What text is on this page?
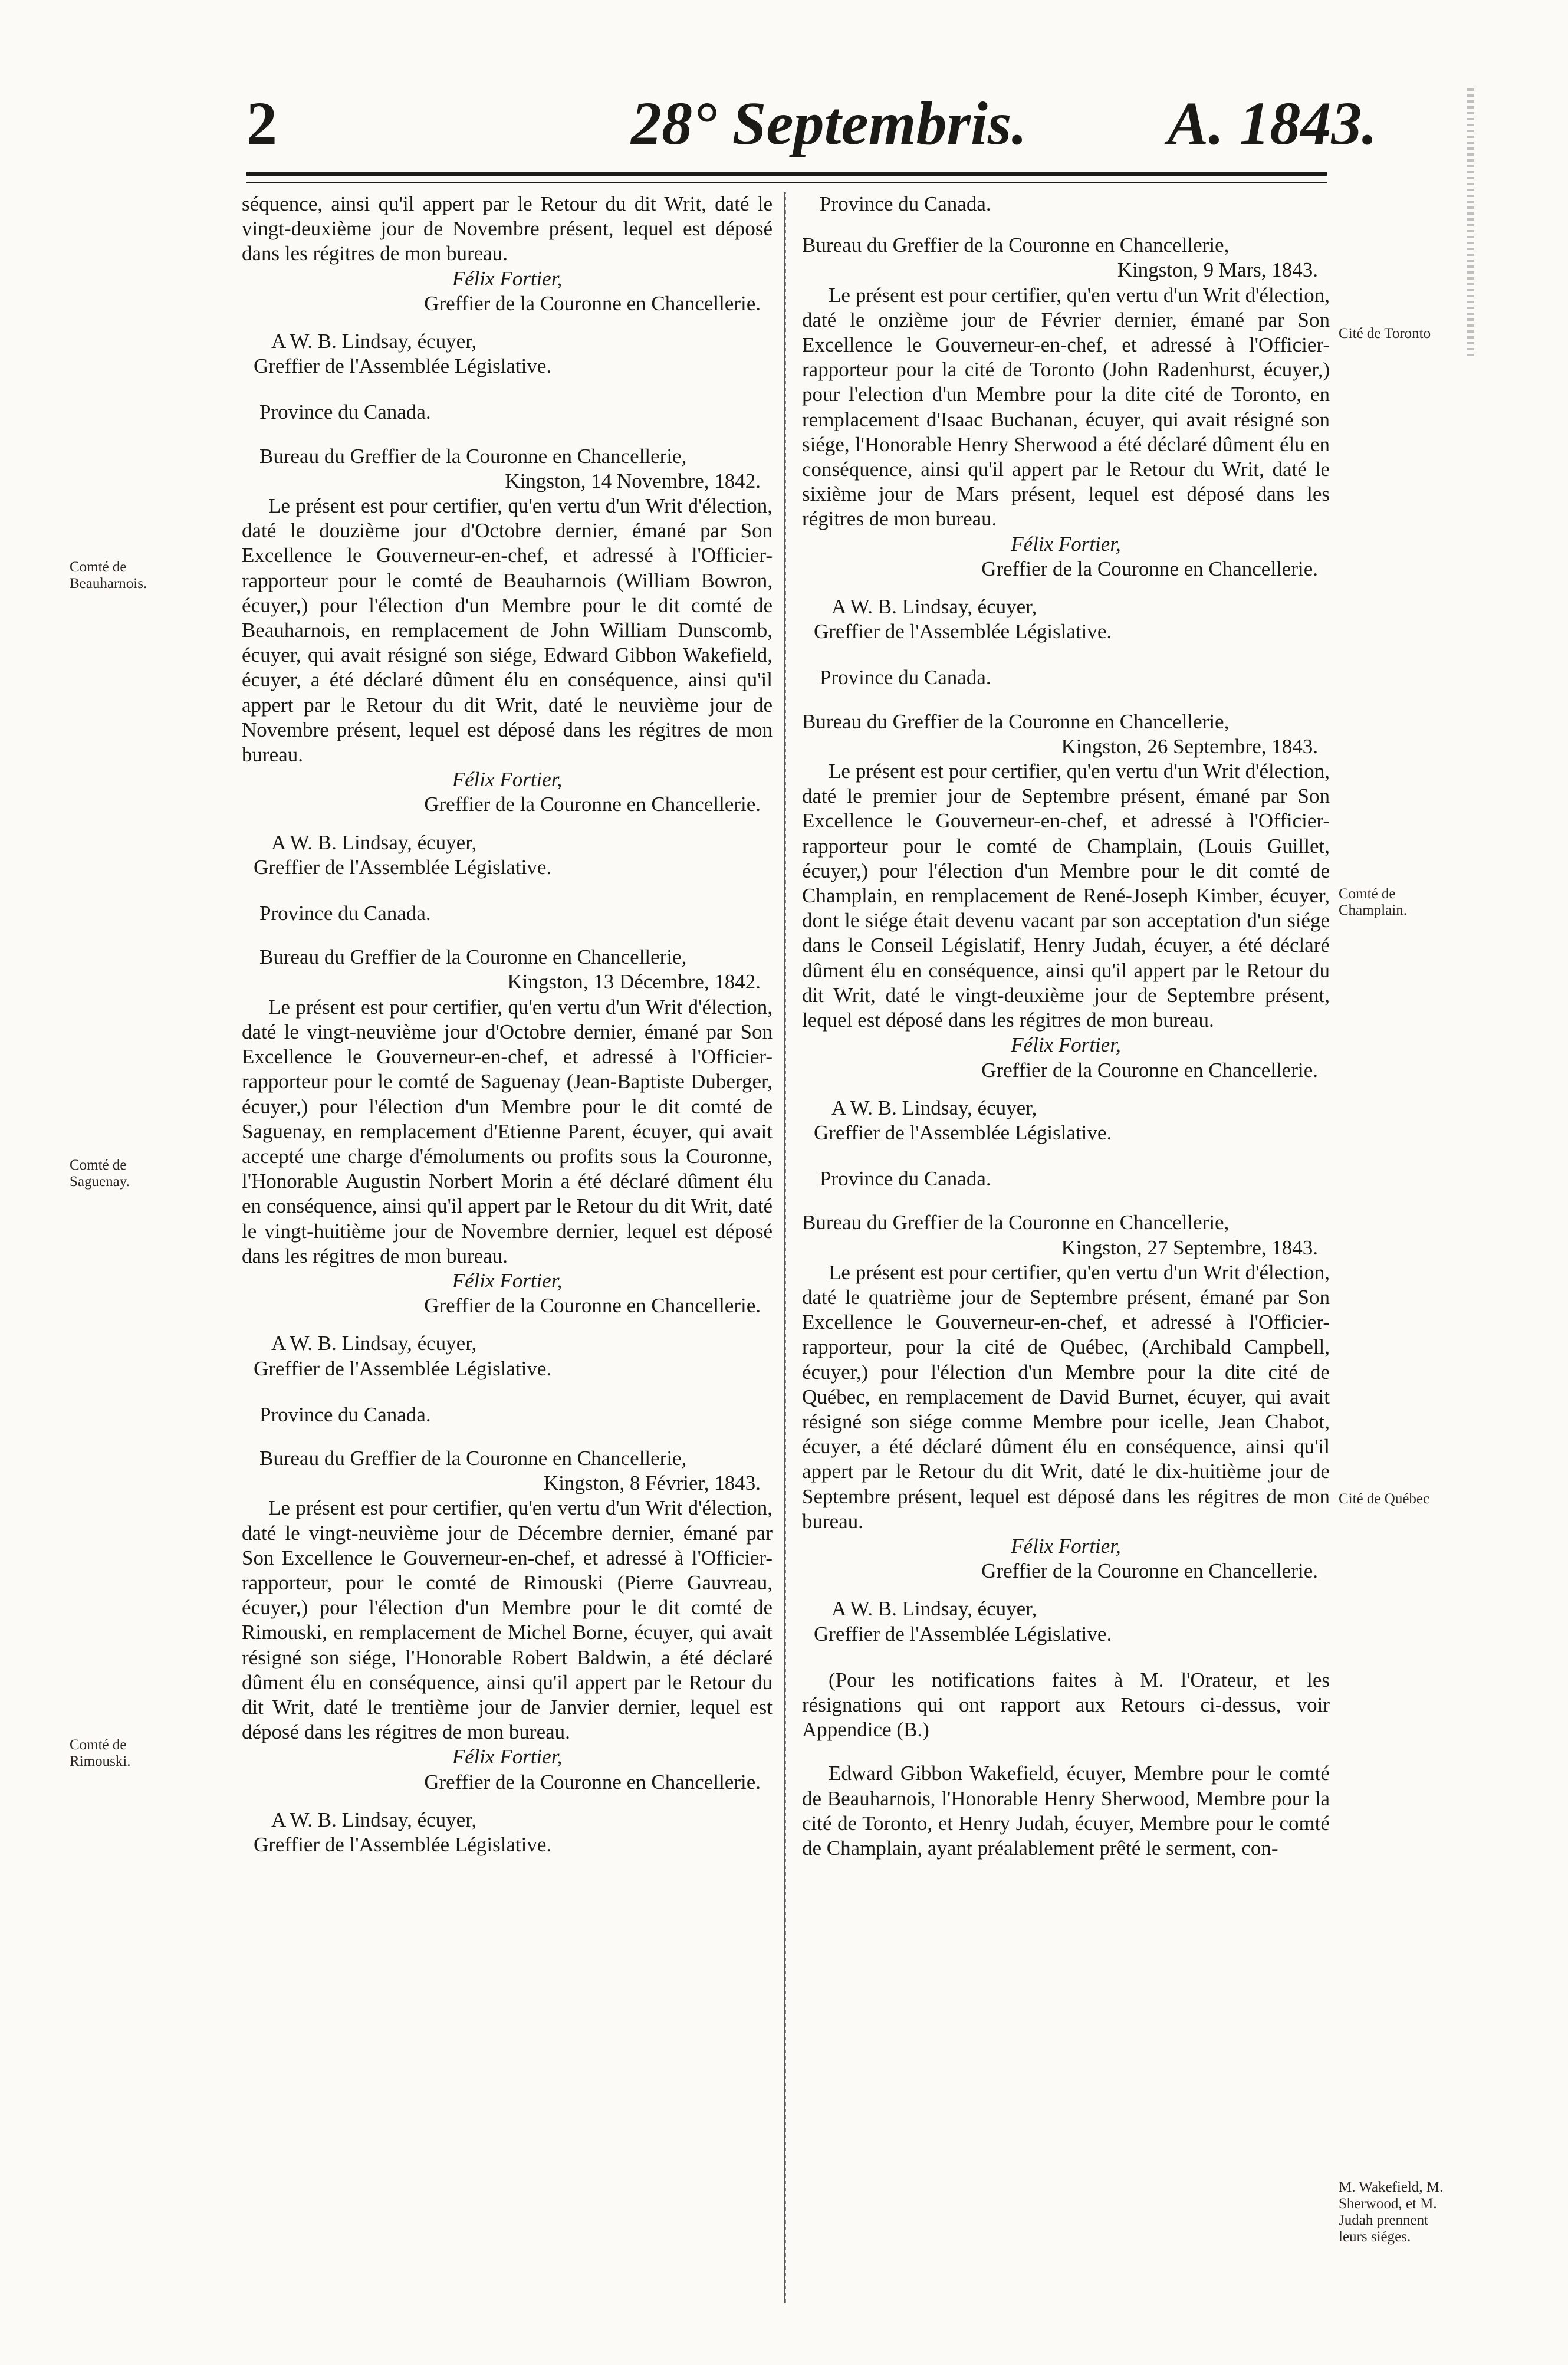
2	28° Septembris. A. 1843.

séquence, ainsi qu'il appert par le Retour du dit Writ, daté le vingt-deuxième jour de Novembre présent, lequel est déposé dans les régitres de mon bureau.

Félix Fortier,

Greffier de la Couronne en Chancellerie.

A W. B. Lindsay, écuyer,

Greffier de l'Assemblée Législative.

Province du Canada.

Bureau du Greffier de la Couronne en Chancellerie,

Kingston, 14 Novembre, 1842.

Le présent est pour certifier, qu'en vertu d'un Writ d'élection, daté le douzième jour d'Octobre dernier, émané par Son Excellence le Gouverneur-en-chef, et adressé à l'Officier-rapporteur pour le comté de Beauharnois (William Bowron, écuyer,) pour l'élection d'un Membre pour le dit comté de Beauharnois, en remplacement de John William Dunscomb, écuyer, qui avait résigné son siége, Edward Gibbon Wakefield, écuyer, a été déclaré dûment élu en conséquence, ainsi qu'il appert par le Retour du dit Writ, daté le neuvième jour de Novembre présent, lequel est déposé dans les régitres de mon bureau.

Félix Fortier,

Greffier de la Couronne en Chancellerie.

A W. B. Lindsay, écuyer,

Greffier de l'Assemblée Législative.

Province du Canada.

Bureau du Greffier de la Couronne en Chancellerie,

Kingston, 13 Décembre, 1842.

Le présent est pour certifier, qu'en vertu d'un Writ d'élection, daté le vingt-neuvième jour d'Octobre dernier, émané par Son Excellence le Gouverneur-en-chef, et adressé à l'Officier-rapporteur pour le comté de Saguenay (Jean-Baptiste Duberger, écuyer,) pour l'élection d'un Membre pour le dit comté de Saguenay, en remplacement d'Etienne Parent, écuyer, qui avait accepté une charge d'émoluments ou profits sous la Couronne, l'Honorable Augustin Norbert Morin a été déclaré dûment élu en conséquence, ainsi qu'il appert par le Retour du dit Writ, daté le vingt-huitième jour de Novembre dernier, lequel est déposé dans les régitres de mon bureau.

Félix Fortier,

Greffier de la Couronne en Chancellerie.

A W. B. Lindsay, écuyer,

Greffier de l'Assemblée Législative.

Province du Canada.

Bureau du Greffier de la Couronne en Chancellerie,

Kingston, 8 Février, 1843.

Le présent est pour certifier, qu'en vertu d'un Writ d'élection, daté le vingt-neuvième jour de Décembre dernier, émané par Son Excellence le Gouverneur-en-chef, et adressé à l'Officier-rapporteur, pour le comté de Rimouski (Pierre Gauvreau, écuyer,) pour l'élection d'un Membre pour le dit comté de Rimouski, en remplacement de Michel Borne, écuyer, qui avait résigné son siége, l'Honorable Robert Baldwin, a été déclaré dûment élu en conséquence, ainsi qu'il appert par le Retour du dit Writ, daté le trentième jour de Janvier dernier, lequel est déposé dans les régitres de mon bureau.

Félix Fortier,

Greffier de la Couronne en Chancellerie.

A W. B. Lindsay, écuyer,

Greffier de l'Assemblée Législative.

Province du Canada.

Bureau du Greffier de la Couronne en Chancellerie,

Kingston, 9 Mars, 1843.

Le présent est pour certifier, qu'en vertu d'un Writ d'élection, daté le onzième jour de Février dernier, émané par Son Excellence le Gouverneur-en-chef, et adressé à l'Officier-rapporteur pour la cité de Toronto (John Radenhurst, écuyer,) pour l'election d'un Membre pour la dite cité de Toronto, en remplacement d'Isaac Buchanan, écuyer, qui avait résigné son siége, l'Honorable Henry Sherwood a été déclaré dûment élu en conséquence, ainsi qu'il appert par le Retour du Writ, daté le sixième jour de Mars présent, lequel est déposé dans les régitres de mon bureau.

Félix Fortier,

Greffier de la Couronne en Chancellerie.

A W. B. Lindsay, écuyer,

Greffier de l'Assemblée Législative.

Province du Canada.

Bureau du Greffier de la Couronne en Chancellerie,

Kingston, 26 Septembre, 1843.

Le présent est pour certifier, qu'en vertu d'un Writ d'élection, daté le premier jour de Septembre présent, émané par Son Excellence le Gouverneur-en-chef, et adressé à l'Officier-rapporteur pour le comté de Champlain, (Louis Guillet, écuyer,) pour l'élection d'un Membre pour le dit comté de Champlain, en remplacement de René-Joseph Kimber, écuyer, dont le siége était devenu vacant par son acceptation d'un siége dans le Conseil Législatif, Henry Judah, écuyer, a été déclaré dûment élu en conséquence, ainsi qu'il appert par le Retour du dit Writ, daté le vingt-deuxième jour de Septembre présent, lequel est déposé dans les régitres de mon bureau.

Félix Fortier,

Greffier de la Couronne en Chancellerie.

A W. B. Lindsay, écuyer,

Greffier de l'Assemblée Législative.

Province du Canada.

Bureau du Greffier de la Couronne en Chancellerie,

Kingston, 27 Septembre, 1843.

Le présent est pour certifier, qu'en vertu d'un Writ d'élection, daté le quatrième jour de Septembre présent, émané par Son Excellence le Gouverneur-en-chef, et adressé à l'Officier-rapporteur, pour la cité de Québec, (Archibald Campbell, écuyer,) pour l'élection d'un Membre pour la dite cité de Québec, en remplacement de David Burnet, écuyer, qui avait résigné son siége comme Membre pour icelle, Jean Chabot, écuyer, a été déclaré dûment élu en conséquence, ainsi qu'il appert par le Retour du dit Writ, daté le dix-huitième jour de Septembre présent, lequel est déposé dans les régitres de mon bureau.

Félix Fortier,

Greffier de la Couronne en Chancellerie.

A W. B. Lindsay, écuyer,

Greffier de l'Assemblée Législative.

(Pour les notifications faites à M. l'Orateur, et les résignations qui ont rapport aux Retours ci-dessus, voir Appendice (B.)

Edward Gibbon Wakefield, écuyer, Membre pour le comté de Beauharnois, l'Honorable Henry Sherwood, Membre pour la cité de Toronto, et Henry Judah, écuyer, Membre pour le comté de Champlain, ayant préalablement prêté le serment, con-

Comté de Beauharnois.
Comté de Saguenay.
Comté de Rimouski.
Cité de Toronto
Comté de Champlain.
Cité de Québec
M. Wakefield, M. Sherwood, et M. Judah prennent leurs siéges.
